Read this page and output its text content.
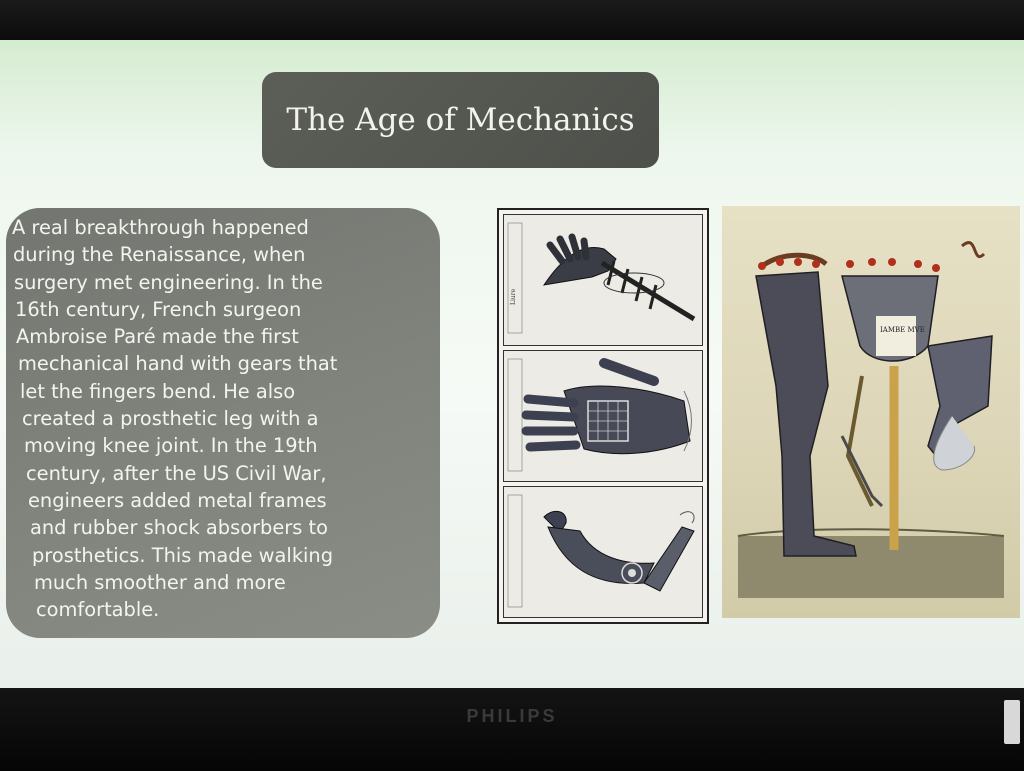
The Age of Mechanics

A real breakthrough happened
during the Renaissance, when
surgery met engineering. In the
16th century, French surgeon
Ambroise Paré made the first
mechanical hand with gears that
let the fingers bend. He also
created a prosthetic leg with a
moving knee joint. In the 19th
century, after the US Civil War,
engineers added metal frames
and rubber shock absorbers to
prosthetics. This made walking
much smoother and more
comfortable.

Liure
IAMBE MVE
PHILIPS
